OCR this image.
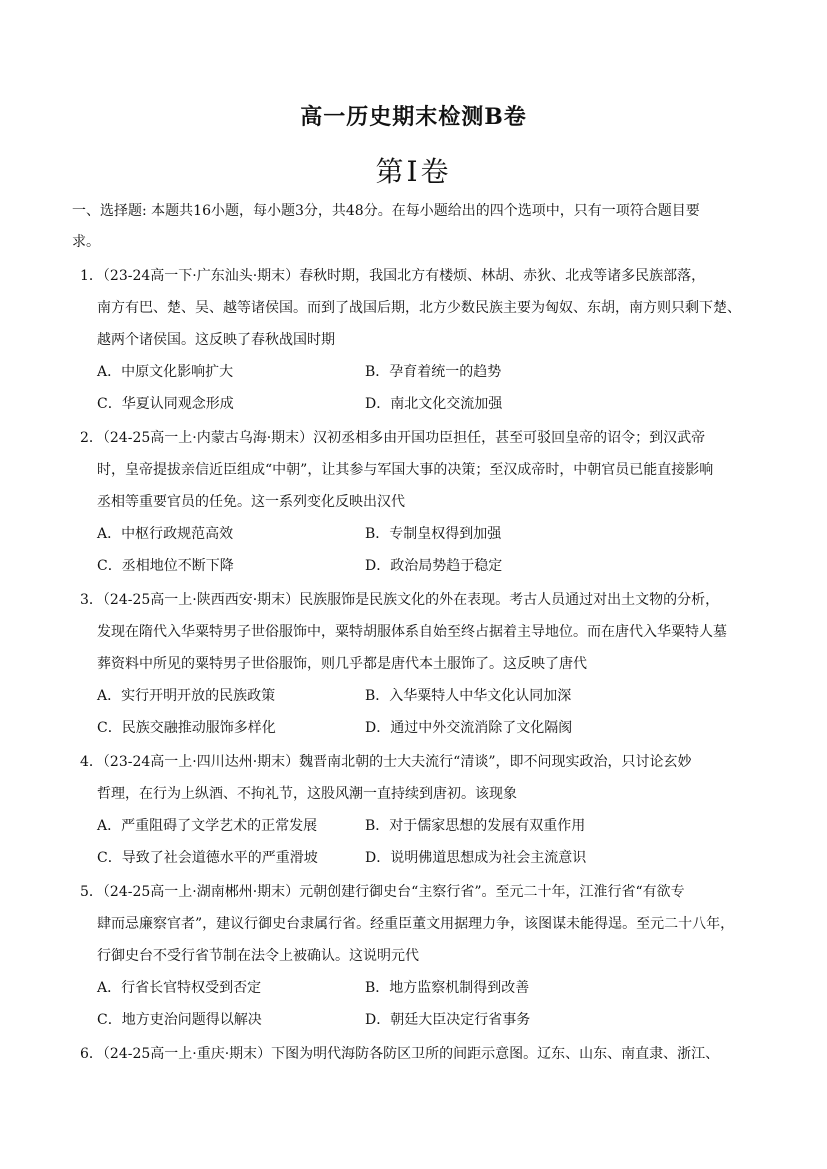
高一历史期末检测B卷
第Ⅰ卷
一、选择题: 本题共16小题，每小题3分，共48分。在每小题给出的四个选项中，只有一项符合题目要
求。
1．（23-24高一下·广东汕头·期末）春秋时期，我国北方有楼烦、林胡、赤狄、北戎等诸多民族部落，
南方有巴、楚、吴、越等诸侯国。而到了战国后期，北方少数民族主要为匈奴、东胡，南方则只剩下楚、
越两个诸侯国。这反映了春秋战国时期
A．中原文化影响扩大	B．孕育着统一的趋势
C．华夏认同观念形成	D．南北文化交流加强
2．（24-25高一上·内蒙古乌海·期末）汉初丞相多由开国功臣担任，甚至可驳回皇帝的诏令；到汉武帝
时，皇帝提拔亲信近臣组成“中朝”，让其参与军国大事的决策；至汉成帝时，中朝官员已能直接影响
丞相等重要官员的任免。这一系列变化反映出汉代
A．中枢行政规范高效	B．专制皇权得到加强
C．丞相地位不断下降	D．政治局势趋于稳定
3．（24-25高一上·陕西西安·期末）民族服饰是民族文化的外在表现。考古人员通过对出土文物的分析，
发现在隋代入华粟特男子世俗服饰中，粟特胡服体系自始至终占据着主导地位。而在唐代入华粟特人墓
葬资料中所见的粟特男子世俗服饰，则几乎都是唐代本土服饰了。这反映了唐代
A．实行开明开放的民族政策	B．入华粟特人中华文化认同加深
C．民族交融推动服饰多样化	D．通过中外交流消除了文化隔阂
4．（23-24高一上·四川达州·期末）魏晋南北朝的士大夫流行“清谈”，即不问现实政治，只讨论玄妙
哲理，在行为上纵酒、不拘礼节，这股风潮一直持续到唐初。该现象
A．严重阻碍了文学艺术的正常发展	B．对于儒家思想的发展有双重作用
C．导致了社会道德水平的严重滑坡	D．说明佛道思想成为社会主流意识
5．（24-25高一上·湖南郴州·期末）元朝创建行御史台“主察行省”。至元二十年，江淮行省“有欲专
肆而忌廉察官者”，建议行御史台隶属行省。经重臣董文用据理力争，该图谋未能得逞。至元二十八年，
行御史台不受行省节制在法令上被确认。这说明元代
A．行省长官特权受到否定	B．地方监察机制得到改善
C．地方吏治问题得以解决	D．朝廷大臣决定行省事务
6．（24-25高一上·重庆·期末）下图为明代海防各防区卫所的间距示意图。辽东、山东、南直隶、浙江、
